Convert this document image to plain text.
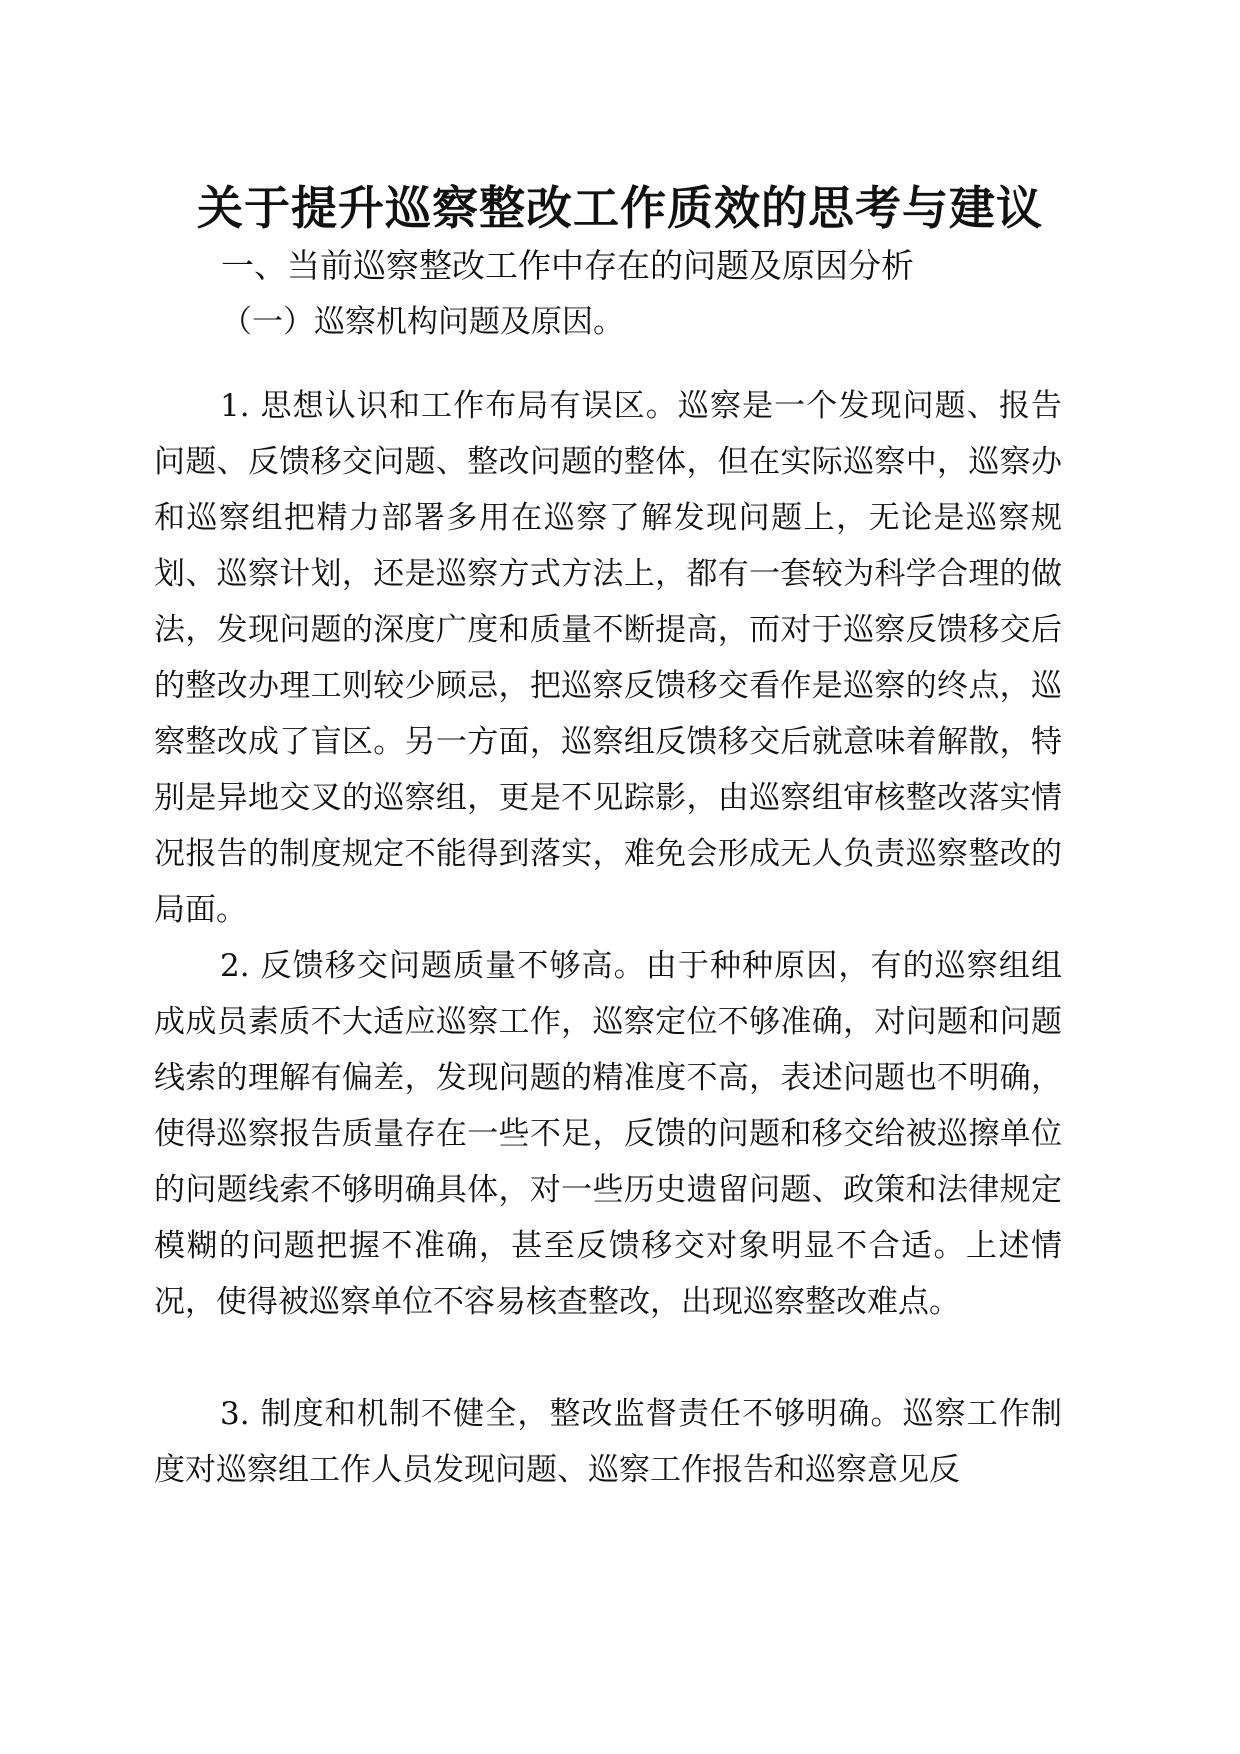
关于提升巡察整改工作质效的思考与建议
一、当前巡察整改工作中存在的问题及原因分析
（一）巡察机构问题及原因。

1. 思想认识和工作布局有误区。巡察是一个发现问题、报告问题、反馈移交问题、整改问题的整体，但在实际巡察中，巡察办和巡察组把精力部署多用在巡察了解发现问题上，无论是巡察规划、巡察计划，还是巡察方式方法上，都有一套较为科学合理的做法，发现问题的深度广度和质量不断提高，而对于巡察反馈移交后的整改办理工则较少顾忌，把巡察反馈移交看作是巡察的终点，巡察整改成了盲区。另一方面，巡察组反馈移交后就意味着解散，特别是异地交叉的巡察组，更是不见踪影，由巡察组审核整改落实情况报告的制度规定不能得到落实，难免会形成无人负责巡察整改的局面。

2. 反馈移交问题质量不够高。由于种种原因，有的巡察组组成成员素质不大适应巡察工作，巡察定位不够准确，对问题和问题线索的理解有偏差，发现问题的精准度不高，表述问题也不明确，使得巡察报告质量存在一些不足，反馈的问题和移交给被巡擦单位的问题线索不够明确具体，对一些历史遗留问题、政策和法律规定模糊的问题把握不准确，甚至反馈移交对象明显不合适。上述情况，使得被巡察单位不容易核查整改，出现巡察整改难点。

3. 制度和机制不健全，整改监督责任不够明确。巡察工作制度对巡察组工作人员发现问题、巡察工作报告和巡察意见反
